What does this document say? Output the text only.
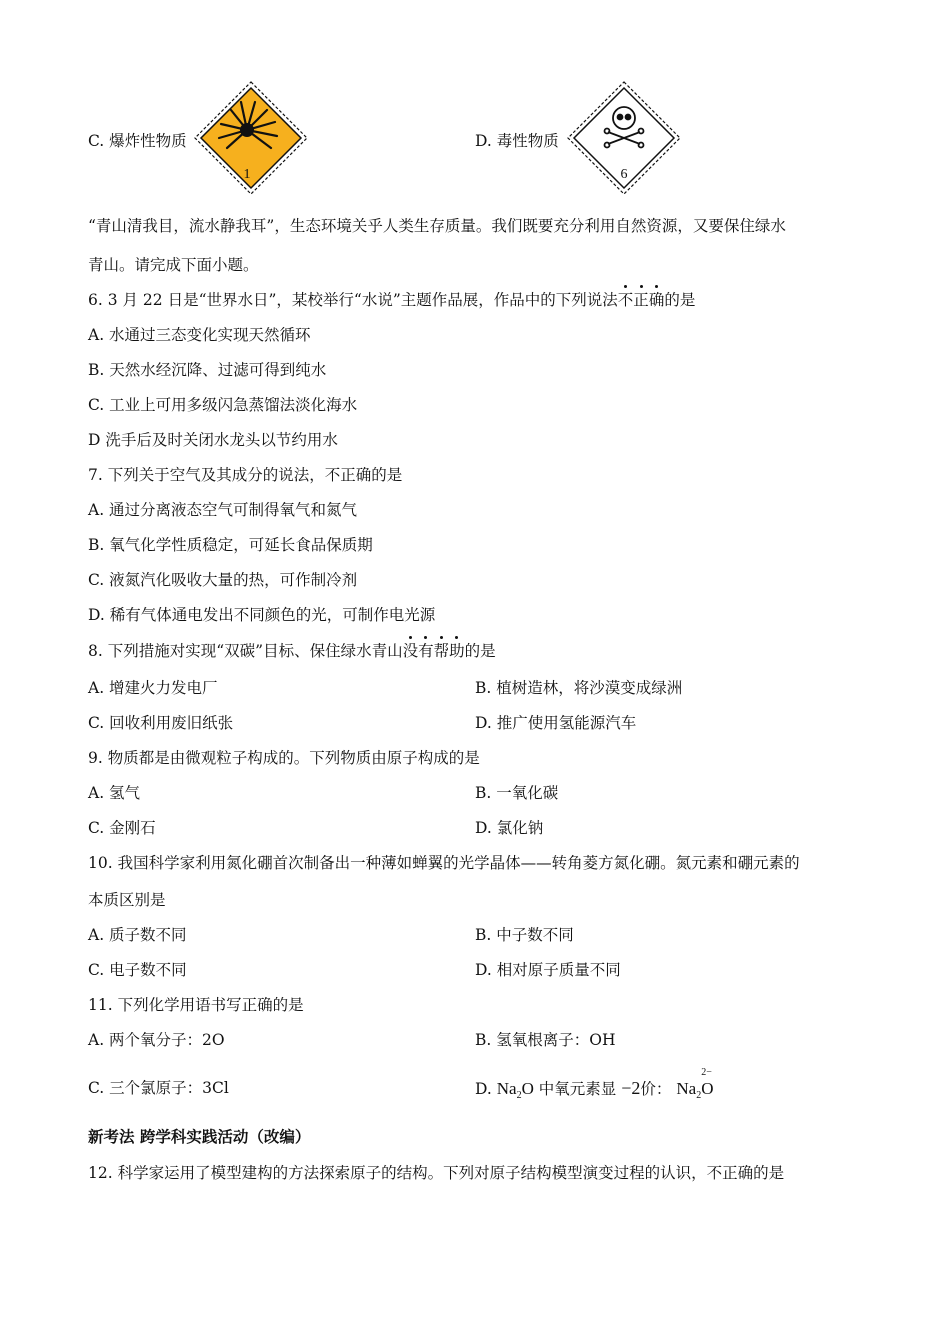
C. 爆炸性物质
1
D. 毒性物质
6
“青山清我目，流水静我耳”，生态环境关乎人类生存质量。我们既要充分利用自然资源，又要保住绿水
青山。请完成下面小题。
6. 3 月 22 日是“世界水日”，某校举行“水说”主题作品展，作品中的下列说法不正确的是
A. 水通过三态变化实现天然循环
B. 天然水经沉降、过滤可得到纯水
C. 工业上可用多级闪急蒸馏法淡化海水
D 洗手后及时关闭水龙头以节约用水
7. 下列关于空气及其成分的说法，不正确的是
A. 通过分离液态空气可制得氧气和氮气
B. 氧气化学性质稳定，可延长食品保质期
C. 液氮汽化吸收大量的热，可作制冷剂
D. 稀有气体通电发出不同颜色的光，可制作电光源
8. 下列措施对实现“双碳”目标、保住绿水青山没有帮助的是
A. 增建火力发电厂	B. 植树造林，将沙漠变成绿洲
C. 回收利用废旧纸张	D. 推广使用氢能源汽车
9. 物质都是由微观粒子构成的。下列物质由原子构成的是
A. 氢气	B. 一氧化碳
C. 金刚石	D. 氯化钠
10. 我国科学家利用氮化硼首次制备出一种薄如蝉翼的光学晶体——转角菱方氮化硼。氮元素和硼元素的
本质区别是
A. 质子数不同	B. 中子数不同
C. 电子数不同	D. 相对原子质量不同
11. 下列化学用语书写正确的是
A. 两个氧分子：2O	B. 氢氧根离子：OH
C. 三个氯原子：3Cl	D. $Na_2O$ 中氧元素显 −2价： $Na_2$
2−
O
新考法 跨学科实践活动（改编）
12. 科学家运用了模型建构的方法探索原子的结构。下列对原子结构模型演变过程的认识，不正确的是
